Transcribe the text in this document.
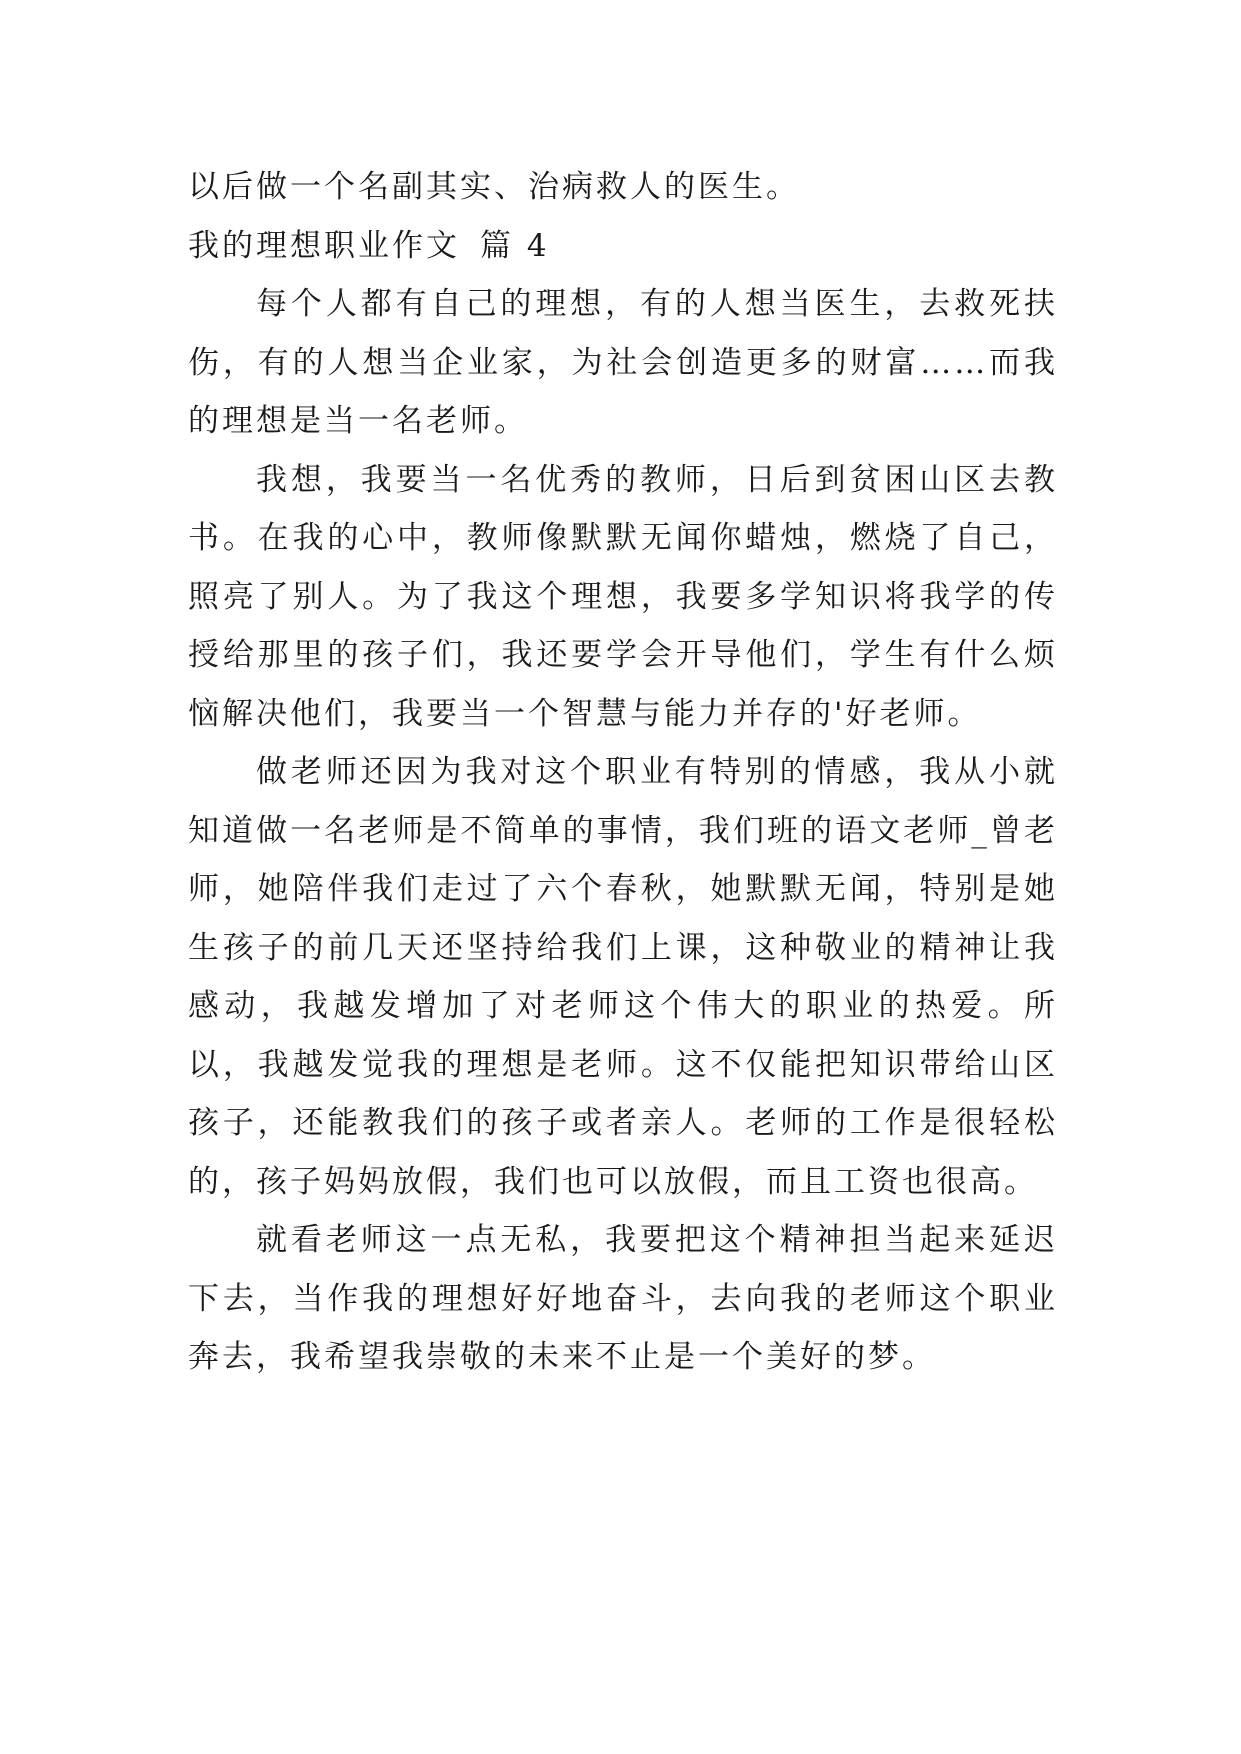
以后做一个名副其实、治病救人的医生。

我的理想职业作文 篇 4

每个人都有自己的理想，有的人想当医生，去救死扶伤，有的人想当企业家，为社会创造更多的财富……而我的理想是当一名老师。

我想，我要当一名优秀的教师，日后到贫困山区去教书。在我的心中，教师像默默无闻你蜡烛，燃烧了自己，照亮了别人。为了我这个理想，我要多学知识将我学的传授给那里的孩子们，我还要学会开导他们，学生有什么烦恼解决他们，我要当一个智慧与能力并存的'好老师。

做老师还因为我对这个职业有特别的情感，我从小就知道做一名老师是不简单的事情，我们班的语文老师_曾老师，她陪伴我们走过了六个春秋，她默默无闻，特别是她生孩子的前几天还坚持给我们上课，这种敬业的精神让我感动，我越发增加了对老师这个伟大的职业的热爱。所以，我越发觉我的理想是老师。这不仅能把知识带给山区孩子，还能教我们的孩子或者亲人。老师的工作是很轻松的，孩子妈妈放假，我们也可以放假，而且工资也很高。

就看老师这一点无私，我要把这个精神担当起来延迟下去，当作我的理想好好地奋斗，去向我的老师这个职业奔去，我希望我崇敬的未来不止是一个美好的梦。
